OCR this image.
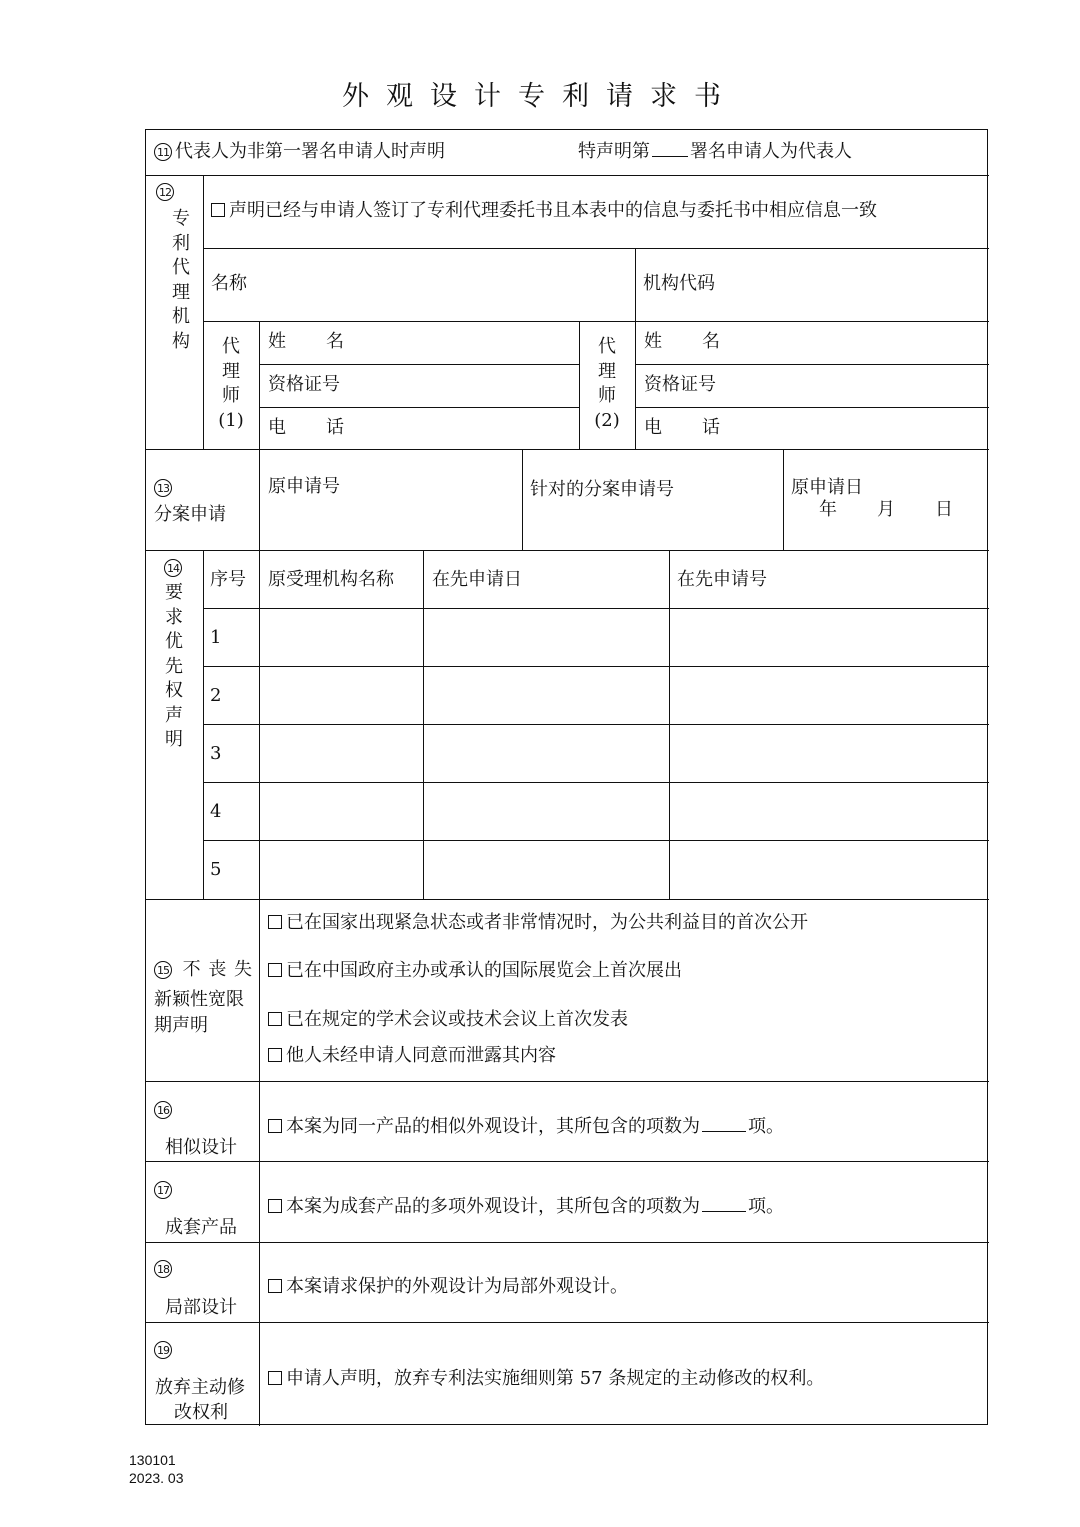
外观设计专利请求书
11 代表人为非第一署名申请人时声明	特声明第 署名申请人为代表人
12
专
利
代
理
机
构
声明已经与申请人签订了专利代理委托书且本表中的信息与委托书中相应信息一致
名称	机构代码
代
理
师
(1)
姓 名
资格证号
电 话
代
理
师
(2)
姓 名
资格证号
电 话
13
分案申请
原申请号	针对的分案申请号	原申请日
年 月 日
14
要
求
优
先
权
声
明
序号 原受理机构名称 在先申请日	在先申请号
1
2
3
4
5
15 不 丧 失
新颖性宽限
期声明
已在国家出现紧急状态或者非常情况时，为公共利益目的首次公开
已在中国政府主办或承认的国际展览会上首次展出
已在规定的学术会议或技术会议上首次发表
他人未经申请人同意而泄露其内容
16
相似设计
本案为同一产品的相似外观设计，其所包含的项数为	项。
17
成套产品
本案为成套产品的多项外观设计，其所包含的项数为	项。
18
局部设计
本案请求保护的外观设计为局部外观设计。
19
放弃主动修
改权利
申请人声明，放弃专利法实施细则第 57 条规定的主动修改的权利。
130101
2023. 03
